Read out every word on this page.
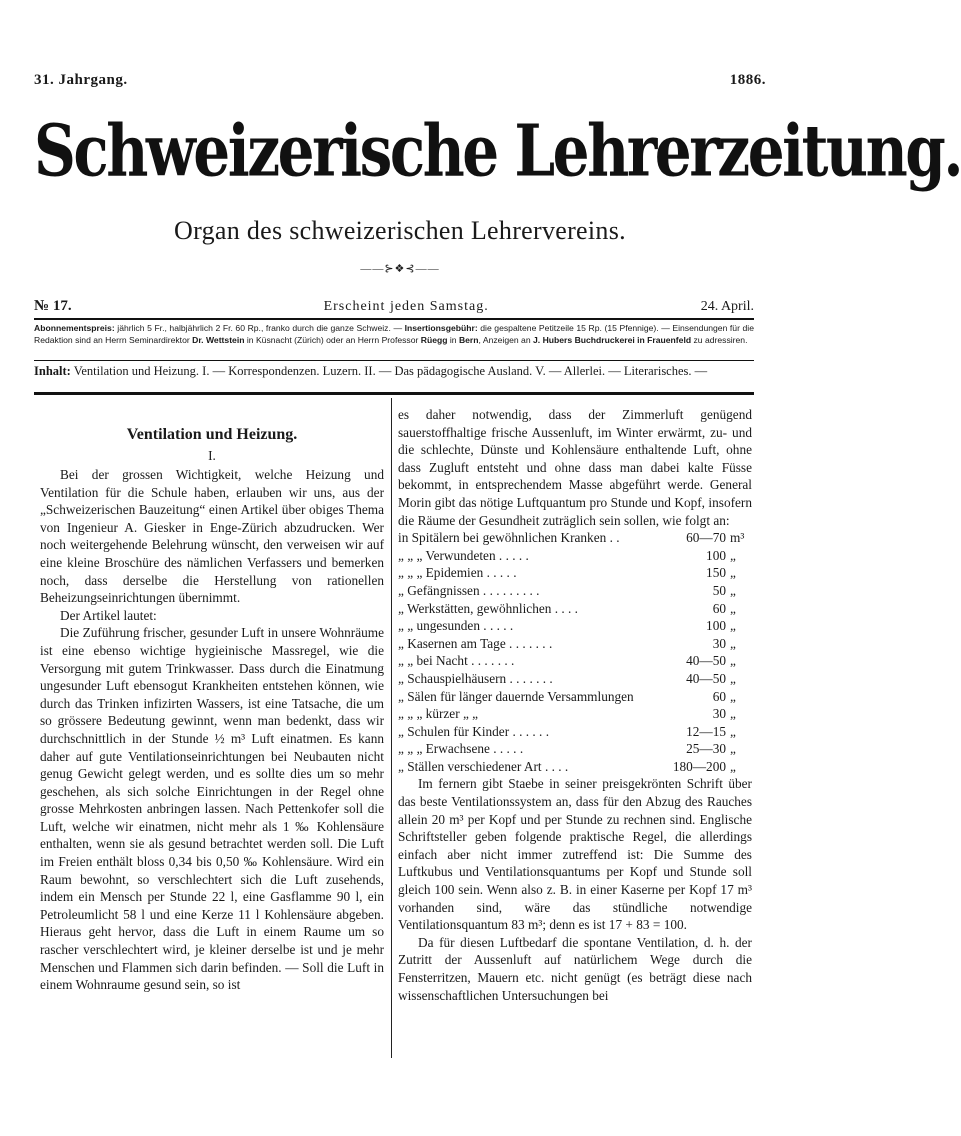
31. Jahrgang.	1886.
Schweizerische Lehrerzeitung.
Organ des schweizerischen Lehrervereins.
——⊱❖⊰——
№ 17.	Erscheint jeden Samstag.	24. April.
Abonnementspreis: jährlich 5 Fr., halbjährlich 2 Fr. 60 Rp., franko durch die ganze Schweiz. — Insertionsgebühr: die gespaltene Petitzeile 15 Rp. (15 Pfennige). — Einsendungen für die Redaktion sind an Herrn Seminardirektor Dr. Wettstein in Küsnacht (Zürich) oder an Herrn Professor Rüegg in Bern, Anzeigen an J. Hubers Buchdruckerei in Frauenfeld zu adressiren.
Inhalt: Ventilation und Heizung. I. — Korrespondenzen. Luzern. II. — Das pädagogische Ausland. V. — Allerlei. — Literarisches. —
Ventilation und Heizung.
I.

Bei der grossen Wichtigkeit, welche Heizung und Ventilation für die Schule haben, erlauben wir uns, aus der „Schweizerischen Bauzeitung“ einen Artikel über obiges Thema von Ingenieur A. Giesker in Enge-Zürich abzudrucken. Wer noch weitergehende Belehrung wünscht, den verweisen wir auf eine kleine Broschüre des nämlichen Verfassers und bemerken noch, dass derselbe die Herstellung von rationellen Beheizungseinrichtungen übernimmt.

Der Artikel lautet:

Die Zuführung frischer, gesunder Luft in unsere Wohnräume ist eine ebenso wichtige hygieinische Massregel, wie die Versorgung mit gutem Trinkwasser. Dass durch die Einatmung ungesunder Luft ebensogut Krankheiten entstehen können, wie durch das Trinken infizirten Wassers, ist eine Tatsache, die um so grössere Bedeutung gewinnt, wenn man bedenkt, dass wir durchschnittlich in der Stunde ½ m³ Luft einatmen. Es kann daher auf gute Ventilationseinrichtungen bei Neubauten nicht genug Gewicht gelegt werden, und es sollte dies um so mehr geschehen, als sich solche Einrichtungen in der Regel ohne grosse Mehrkosten anbringen lassen. Nach Pettenkofer soll die Luft, welche wir einatmen, nicht mehr als 1 ‰ Kohlensäure enthalten, wenn sie als gesund betrachtet werden soll. Die Luft im Freien enthält bloss 0,34 bis 0,50 ‰ Kohlensäure. Wird ein Raum bewohnt, so verschlechtert sich die Luft zusehends, indem ein Mensch per Stunde 22 l, eine Gasflamme 90 l, ein Petroleumlicht 58 l und eine Kerze 11 l Kohlensäure abgeben. Hieraus geht hervor, dass die Luft in einem Raume um so rascher verschlechtert wird, je kleiner derselbe ist und je mehr Menschen und Flammen sich darin befinden. — Soll die Luft in einem Wohnraume gesund sein, so ist

es daher notwendig, dass der Zimmerluft genügend sauerstoffhaltige frische Aussenluft, im Winter erwärmt, zu- und die schlechte, Dünste und Kohlensäure enthaltende Luft, ohne dass Zugluft entsteht und ohne dass man dabei kalte Füsse bekommt, in entsprechendem Masse abgeführt werde. General Morin gibt das nötige Luftquantum pro Stunde und Kopf, insofern die Räume der Gesundheit zuträglich sein sollen, wie folgt an:

in Spitälern bei gewöhnlichen Kranken . .	60—70	m³
„ „ „ Verwundeten . . . . .	100	„
„ „ „ Epidemien . . . . .	150	„
„ Gefängnissen . . . . . . . . .	50	„
„ Werkstätten, gewöhnlichen . . . .	60	„
„ „ ungesunden . . . . .	100	„
„ Kasernen am Tage . . . . . . .	30	„
„ „ bei Nacht . . . . . . .	40—50	„
„ Schauspielhäusern . . . . . . .	40—50	„
„ Sälen für länger dauernde Versammlungen	60	„
„ „ „ kürzer „ „	30	„
„ Schulen für Kinder . . . . . .	12—15	„
„ „ „ Erwachsene . . . . .	25—30	„
„ Ställen verschiedener Art . . . .	180—200	„

Im fernern gibt Staebe in seiner preisgekrönten Schrift über das beste Ventilationssystem an, dass für den Abzug des Rauches allein 20 m³ per Kopf und per Stunde zu rechnen sind. Englische Schriftsteller geben folgende praktische Regel, die allerdings einfach aber nicht immer zutreffend ist: Die Summe des Luftkubus und Ventilationsquantums per Kopf und Stunde soll gleich 100 sein. Wenn also z. B. in einer Kaserne per Kopf 17 m³ vorhanden sind, wäre das stündliche notwendige Ventilationsquantum 83 m³; denn es ist 17 + 83 = 100.

Da für diesen Luftbedarf die spontane Ventilation, d. h. der Zutritt der Aussenluft auf natürlichem Wege durch die Fensterritzen, Mauern etc. nicht genügt (es beträgt diese nach wissenschaftlichen Untersuchungen bei
